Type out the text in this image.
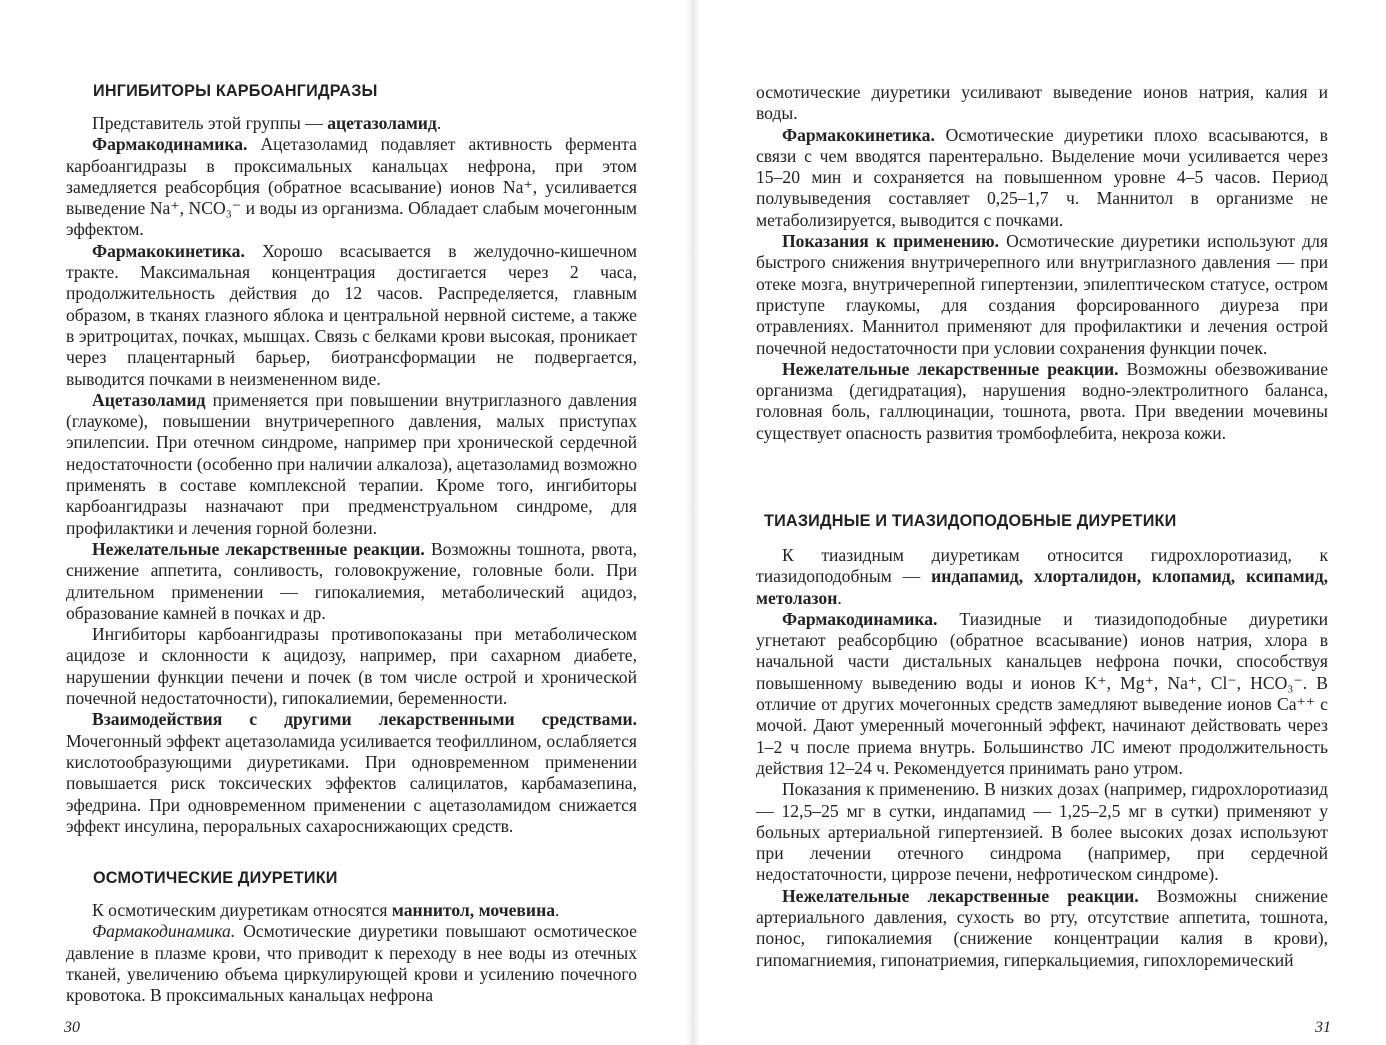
ИНГИБИТОРЫ КАРБОАНГИДРАЗЫ

Представитель этой группы — ацетазоламид.

Фармакодинамика. Ацетазоламид подавляет активность фермента карбоангидразы в проксимальных канальцах нефрона, при этом замедляется реабсорбция (обратное всасывание) ионов Na⁺, усиливается выведение Na⁺, NCO₃⁻ и воды из организма. Обладает слабым мочегонным эффектом.

Фармакокинетика. Хорошо всасывается в желудочно-кишечном тракте. Максимальная концентрация достигается через 2 часа, продолжительность действия до 12 часов. Распределяется, главным образом, в тканях глазного яблока и центральной нервной системе, а также в эритроцитах, почках, мышцах. Связь с белками крови высокая, проникает через плацентарный барьер, биотрансформации не подвергается, выводится почками в неизмененном виде.

Ацетазоламид применяется при повышении внутриглазного давления (глаукоме), повышении внутричерепного давления, малых приступах эпилепсии. При отечном синдроме, например при хронической сердечной недостаточности (особенно при наличии алкалоза), ацетазоламид возможно применять в составе комплексной терапии. Кроме того, ингибиторы карбоангидразы назначают при предменструальном синдроме, для профилактики и лечения горной болезни.

Нежелательные лекарственные реакции. Возможны тошнота, рвота, снижение аппетита, сонливость, головокружение, головные боли. При длительном применении — гипокалиемия, метаболический ацидоз, образование камней в почках и др.

Ингибиторы карбоангидразы противопоказаны при метаболическом ацидозе и склонности к ацидозу, например, при сахарном диабете, нарушении функции печени и почек (в том числе острой и хронической почечной недостаточности), гипокалиемии, беременности.

Взаимодействия с другими лекарственными средствами. Мочегонный эффект ацетазоламида усиливается теофиллином, ослабляется кислотообразующими диуретиками. При одновременном применении повышается риск токсических эффектов салицилатов, карбамазепина, эфедрина. При одновременном применении с ацетазоламидом снижается эффект инсулина, пероральных сахароснижающих средств.

ОСМОТИЧЕСКИЕ ДИУРЕТИКИ

К осмотическим диуретикам относятся маннитол, мочевина.

Фармакодинамика. Осмотические диуретики повышают осмотическое давление в плазме крови, что приводит к переходу в нее воды из отечных тканей, увеличению объема циркулирующей крови и усилению почечного кровотока. В проксимальных канальцах нефрона

30

осмотические диуретики усиливают выведение ионов натрия, калия и воды.

Фармакокинетика. Осмотические диуретики плохо всасываются, в связи с чем вводятся парентерально. Выделение мочи усиливается через 15–20 мин и сохраняется на повышенном уровне 4–5 часов. Период полувыведения составляет 0,25–1,7 ч. Маннитол в организме не метаболизируется, выводится с почками.

Показания к применению. Осмотические диуретики используют для быстрого снижения внутричерепного или внутриглазного давления — при отеке мозга, внутричерепной гипертензии, эпилептическом статусе, остром приступе глаукомы, для создания форсированного диуреза при отравлениях. Маннитол применяют для профилактики и лечения острой почечной недостаточности при условии сохранения функции почек.

Нежелательные лекарственные реакции. Возможны обезвоживание организма (дегидратация), нарушения водно-электролитного баланса, головная боль, галлюцинации, тошнота, рвота. При введении мочевины существует опасность развития тромбофлебита, некроза кожи.

ТИАЗИДНЫЕ И ТИАЗИДОПОДОБНЫЕ ДИУРЕТИКИ

К тиазидным диуретикам относится гидрохлоротиазид, к тиазидоподобным — индапамид, хлорталидон, клопамид, ксипамид, метолазон.

Фармакодинамика. Тиазидные и тиазидоподобные диуретики угнетают реабсорбцию (обратное всасывание) ионов натрия, хлора в начальной части дистальных канальцев нефрона почки, способствуя повышенному выведению воды и ионов K⁺, Mg⁺, Na⁺, Cl⁻, HCO₃⁻. В отличие от других мочегонных средств замедляют выведение ионов Ca⁺⁺ с мочой. Дают умеренный мочегонный эффект, начинают действовать через 1–2 ч после приема внутрь. Большинство ЛС имеют продолжительность действия 12–24 ч. Рекомендуется принимать рано утром.

Показания к применению. В низких дозах (например, гидрохлоротиазид — 12,5–25 мг в сутки, индапамид — 1,25–2,5 мг в сутки) применяют у больных артериальной гипертензией. В более высоких дозах используют при лечении отечного синдрома (например, при сердечной недостаточности, циррозе печени, нефротическом синдроме).

Нежелательные лекарственные реакции. Возможны снижение артериального давления, сухость во рту, отсутствие аппетита, тошнота, понос, гипокалиемия (снижение концентрации калия в крови), гипомагниемия, гипонатриемия, гиперкальциемия, гипохлоремический

31
